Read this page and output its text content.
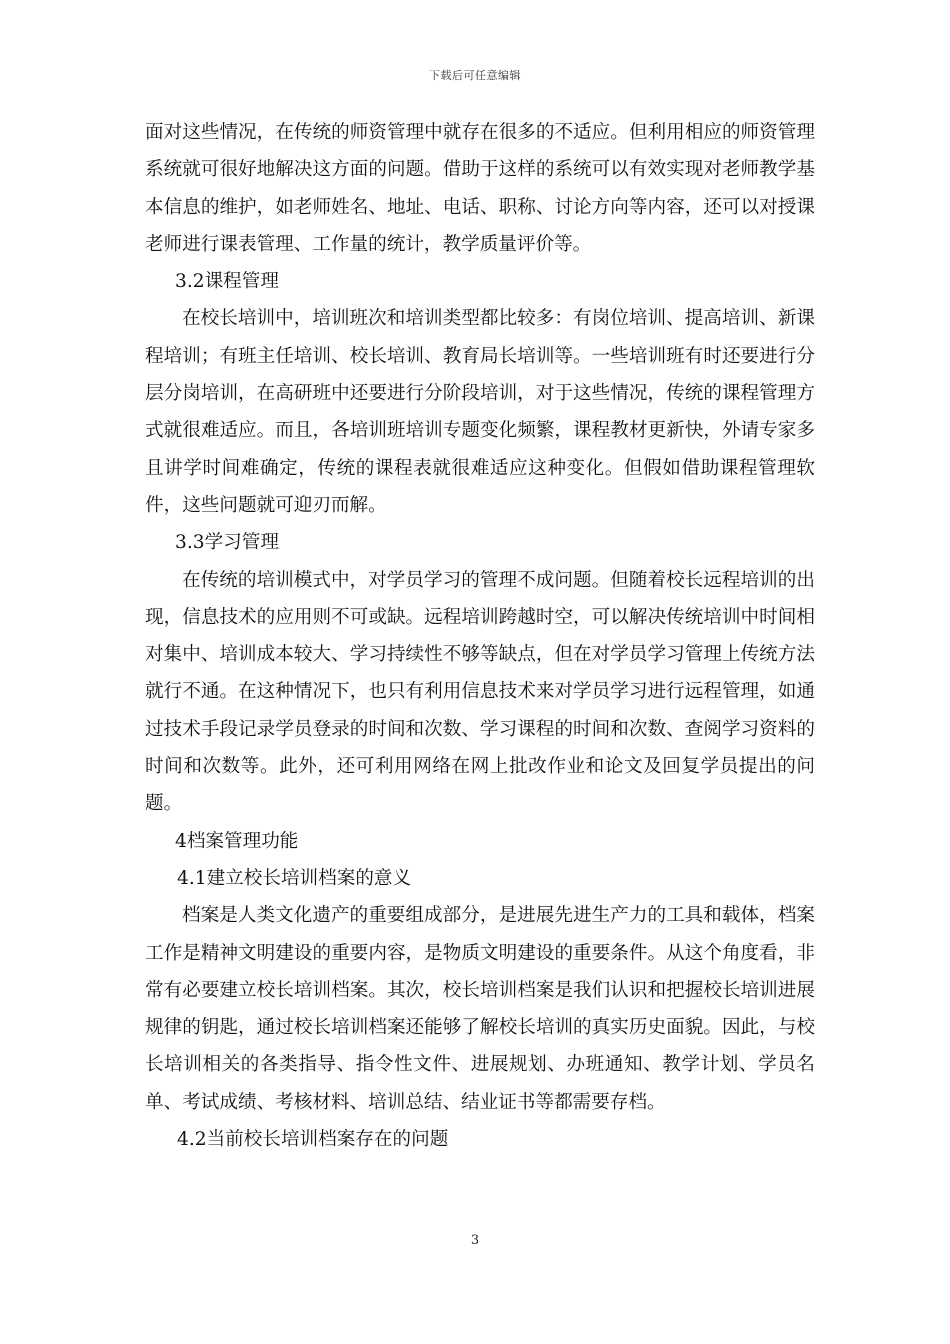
下载后可任意编辑

面对这些情况，在传统的师资管理中就存在很多的不适应。但利用相应的师资管理系统就可很好地解决这方面的问题。借助于这样的系统可以有效实现对老师教学基本信息的维护，如老师姓名、地址、电话、职称、讨论方向等内容，还可以对授课老师进行课表管理、工作量的统计，教学质量评价等。

3.2课程管理

在校长培训中，培训班次和培训类型都比较多：有岗位培训、提高培训、新课程培训；有班主任培训、校长培训、教育局长培训等。一些培训班有时还要进行分层分岗培训，在高研班中还要进行分阶段培训，对于这些情况，传统的课程管理方式就很难适应。而且，各培训班培训专题变化频繁，课程教材更新快，外请专家多且讲学时间难确定，传统的课程表就很难适应这种变化。但假如借助课程管理软件，这些问题就可迎刃而解。

3.3学习管理

在传统的培训模式中，对学员学习的管理不成问题。但随着校长远程培训的出现，信息技术的应用则不可或缺。远程培训跨越时空，可以解决传统培训中时间相对集中、培训成本较大、学习持续性不够等缺点，但在对学员学习管理上传统方法就行不通。在这种情况下，也只有利用信息技术来对学员学习进行远程管理，如通过技术手段记录学员登录的时间和次数、学习课程的时间和次数、查阅学习资料的时间和次数等。此外，还可利用网络在网上批改作业和论文及回复学员提出的问题。

4档案管理功能

4.1建立校长培训档案的意义

档案是人类文化遗产的重要组成部分，是进展先进生产力的工具和载体，档案工作是精神文明建设的重要内容，是物质文明建设的重要条件。从这个角度看，非常有必要建立校长培训档案。其次，校长培训档案是我们认识和把握校长培训进展规律的钥匙，通过校长培训档案还能够了解校长培训的真实历史面貌。因此，与校长培训相关的各类指导、指令性文件、进展规划、办班通知、教学计划、学员名单、考试成绩、考核材料、培训总结、结业证书等都需要存档。

4.2当前校长培训档案存在的问题

3
